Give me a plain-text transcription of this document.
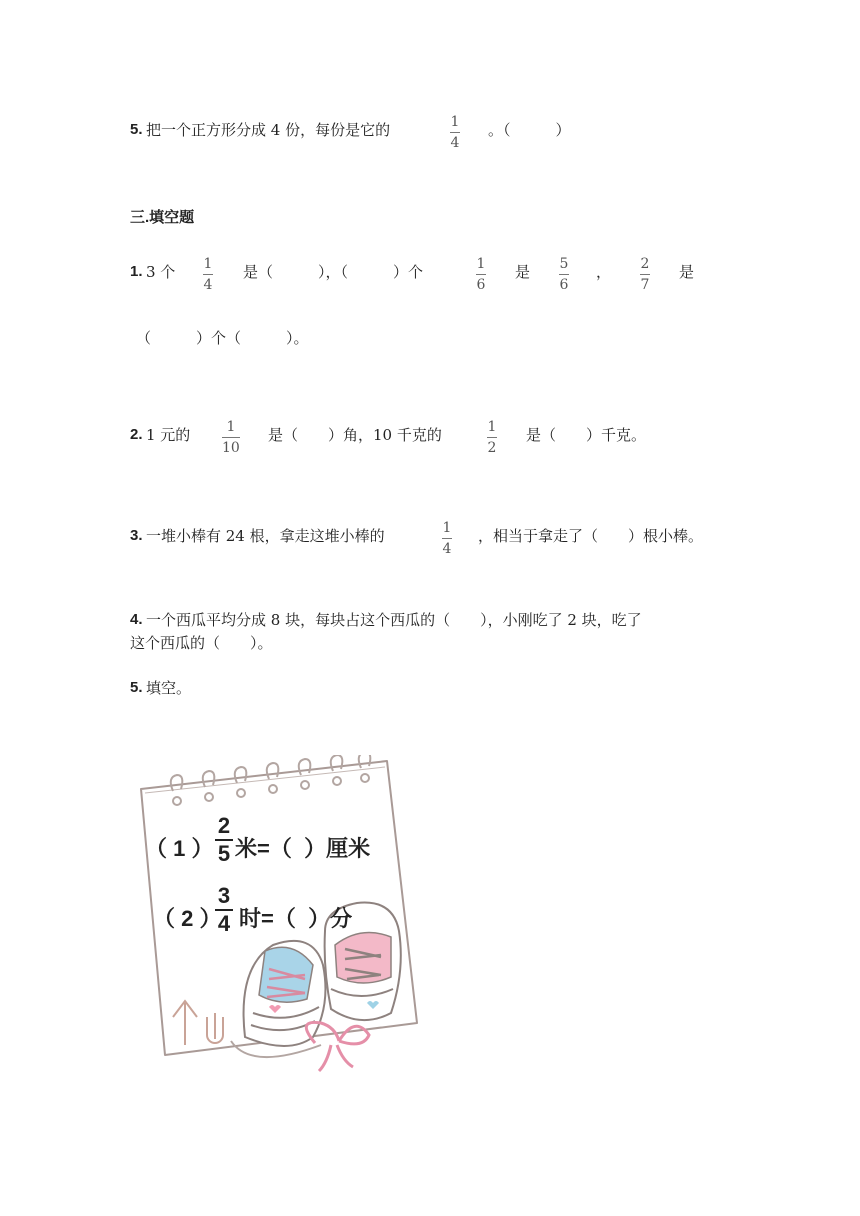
5. 把一个正方形分成 4 份，每份是它的	1
4
。（　　　）
三.填空题
1. 3 个 1
4
是（　　　），（　　　）个	1
6
是 5
6
， 2
7
是
（　　　）个（　　　）。
2. 1 元的	1
10
是（　　）角，10 千克的	1
2
是（　　）千克。
3. 一堆小棒有 24 根，拿走这堆小棒的	1
4
，相当于拿走了（　　）根小棒。
4. 一个西瓜平均分成 8 块，每块占这个西瓜的（　　），小刚吃了 2 块，吃了
这个西瓜的（　　）。
5. 填空。
（ 1 ）
2
5 米=（  ）厘米
（ 2 ）
3
4 时=（  ）分
